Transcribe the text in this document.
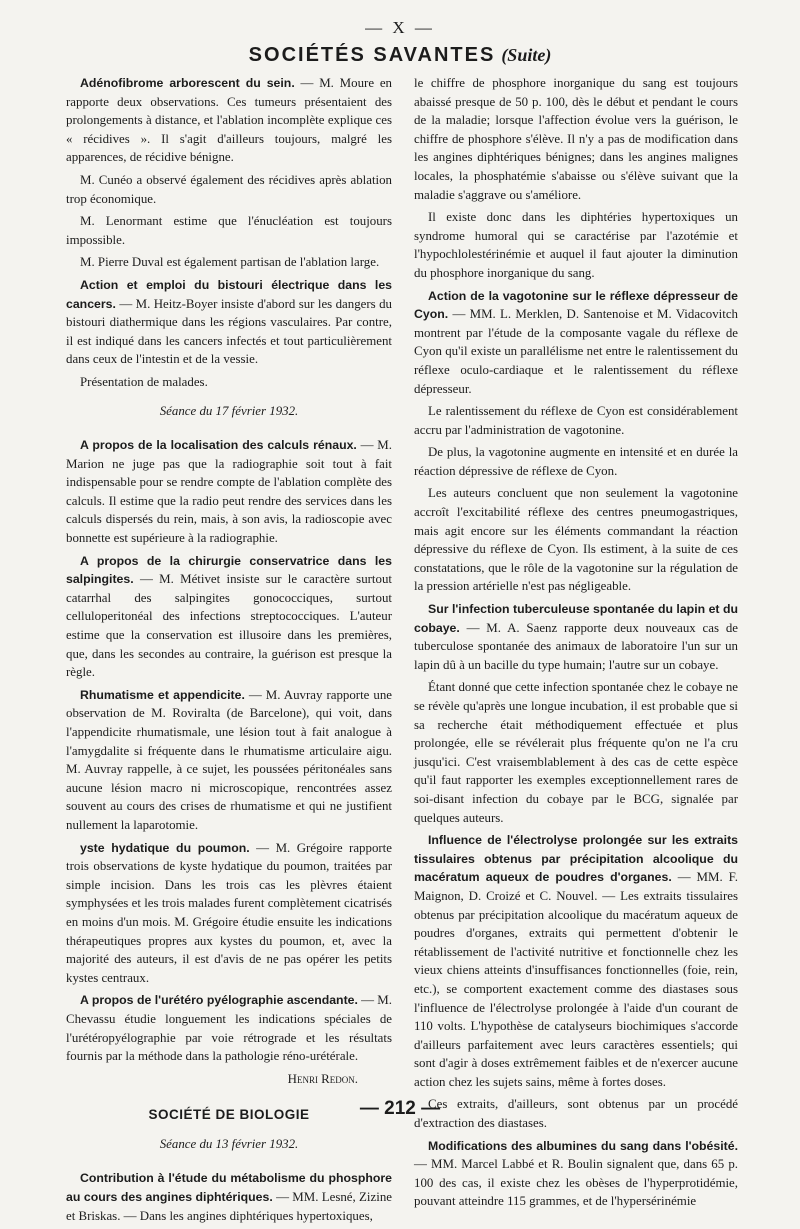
— X —
SOCIÉTÉS SAVANTES (Suite)

Adénofibrome arborescent du sein. — M. Moure en rapporte deux observations. Ces tumeurs présentaient des prolongements à distance, et l'ablation incomplète explique ces « récidives ». Il s'agit d'ailleurs toujours, malgré les apparences, de récidive bénigne.

M. Cunéo a observé également des récidives après ablation trop économique.

M. Lenormant estime que l'énucléation est toujours impossible.

M. Pierre Duval est également partisan de l'ablation large.

Action et emploi du bistouri électrique dans les cancers. — M. Heitz-Boyer insiste d'abord sur les dangers du bistouri diathermique dans les régions vasculaires. Par contre, il est indiqué dans les cancers infectés et tout particulièrement dans ceux de l'intestin et de la vessie.

Présentation de malades.

Séance du 17 février 1932.

A propos de la localisation des calculs rénaux. — M. Marion ne juge pas que la radiographie soit tout à fait indispensable pour se rendre compte de l'ablation complète des calculs. Il estime que la radio peut rendre des services dans les calculs dispersés du rein, mais, à son avis, la radioscopie avec bonnette est supérieure à la radiographie.

A propos de la chirurgie conservatrice dans les salpingites. — M. Métivet insiste sur le caractère surtout catarrhal des salpingites gonococciques, surtout celluloperitonéal des infections streptococciques. L'auteur estime que la conservation est illusoire dans les premières, que, dans les secondes au contraire, la guérison est presque la règle.

Rhumatisme et appendicite. — M. Auvray rapporte une observation de M. Roviralta (de Barcelone), qui voit, dans l'appendicite rhumatismale, une lésion tout à fait analogue à l'amygdalite si fréquente dans le rhumatisme articulaire aigu. M. Auvray rappelle, à ce sujet, les poussées péritonéales sans aucune lésion macro ni microscopique, rencontrées assez souvent au cours des crises de rhumatisme et qui ne justifient nullement la laparotomie.

yste hydatique du poumon. — M. Grégoire rapporte trois observations de kyste hydatique du poumon, traitées par simple incision. Dans les trois cas les plèvres étaient symphysées et les trois malades furent complètement cicatrisés en moins d'un mois. M. Grégoire étudie ensuite les indications thérapeutiques propres aux kystes du poumon, et, avec la majorité des auteurs, il est d'avis de ne pas opérer les petits kystes centraux.

A propos de l'urétéro pyélographie ascendante. — M. Chevassu étudie longuement les indications spéciales de l'urétéropyélographie par voie rétrograde et les résultats fournis par la méthode dans la pathologie réno-urétérale.

Henri Redon.

SOCIÉTÉ DE BIOLOGIE

Séance du 13 février 1932.

Contribution à l'étude du métabolisme du phosphore au cours des angines diphtériques. — MM. Lesné, Zizine et Briskas. — Dans les angines diphtériques hypertoxiques,

le chiffre de phosphore inorganique du sang est toujours abaissé presque de 50 p. 100, dès le début et pendant le cours de la maladie; lorsque l'affection évolue vers la guérison, le chiffre de phosphore s'élève. Il n'y a pas de modification dans les angines diphtériques bénignes; dans les angines malignes locales, la phosphatémie s'abaisse ou s'élève suivant que la maladie s'aggrave ou s'améliore.

Il existe donc dans les diphtéries hypertoxiques un syndrome humoral qui se caractérise par l'azotémie et l'hypochlolestérinémie et auquel il faut ajouter la diminution du phosphore inorganique du sang.

Action de la vagotonine sur le réflexe dépresseur de Cyon. — MM. L. Merklen, D. Santenoise et M. Vidacovitch montrent par l'étude de la composante vagale du réflexe de Cyon qu'il existe un parallélisme net entre le ralentissement du réflexe oculo-cardiaque et le ralentissement du réflexe dépresseur.

Le ralentissement du réflexe de Cyon est considérablement accru par l'administration de vagotonine.

De plus, la vagotonine augmente en intensité et en durée la réaction dépressive de réflexe de Cyon.

Les auteurs concluent que non seulement la vagotonine accroît l'excitabilité réflexe des centres pneumogastriques, mais agit encore sur les éléments commandant la réaction dépressive du réflexe de Cyon. Ils estiment, à la suite de ces constatations, que le rôle de la vagotonine sur la régulation de la pression artérielle n'est pas négligeable.

Sur l'infection tuberculeuse spontanée du lapin et du cobaye. — M. A. Saenz rapporte deux nouveaux cas de tuberculose spontanée des animaux de laboratoire l'un sur un lapin dû à un bacille du type humain; l'autre sur un cobaye.

Étant donné que cette infection spontanée chez le cobaye ne se révèle qu'après une longue incubation, il est probable que si sa recherche était méthodiquement effectuée et plus prolongée, elle se révélerait plus fréquente qu'on ne l'a cru jusqu'ici. C'est vraisemblablement à des cas de cette espèce qu'il faut rapporter les exemples exceptionnellement rares de soi-disant infection du cobaye par le BCG, signalée par quelques auteurs.

Influence de l'électrolyse prolongée sur les extraits tissulaires obtenus par précipitation alcoolique du macératum aqueux de poudres d'organes. — MM. F. Maignon, D. Croizé et C. Nouvel. — Les extraits tissulaires obtenus par précipitation alcoolique du macératum aqueux de poudres d'organes, extraits qui permettent d'obtenir le rétablissement de l'activité nutritive et fonctionnelle chez les vieux chiens atteints d'insuffisances fonctionnelles (foie, rein, etc.), se comportent exactement comme des diastases sous l'influence de l'électrolyse prolongée à l'aide d'un courant de 110 volts. L'hypothèse de catalyseurs biochimiques s'accorde d'ailleurs parfaitement avec leurs caractères essentiels; qui sont d'agir à doses extrêmement faibles et de n'exercer aucune action chez les sujets sains, même à fortes doses.

Ces extraits, d'ailleurs, sont obtenus par un procédé d'extraction des diastases.

Modifications des albumines du sang dans l'obésité. — MM. Marcel Labbé et R. Boulin signalent que, dans 65 p. 100 des cas, il existe chez les obèses de l'hyperprotidémie, pouvant atteindre 115 grammes, et de l'hypersérinémie

— 212 —
